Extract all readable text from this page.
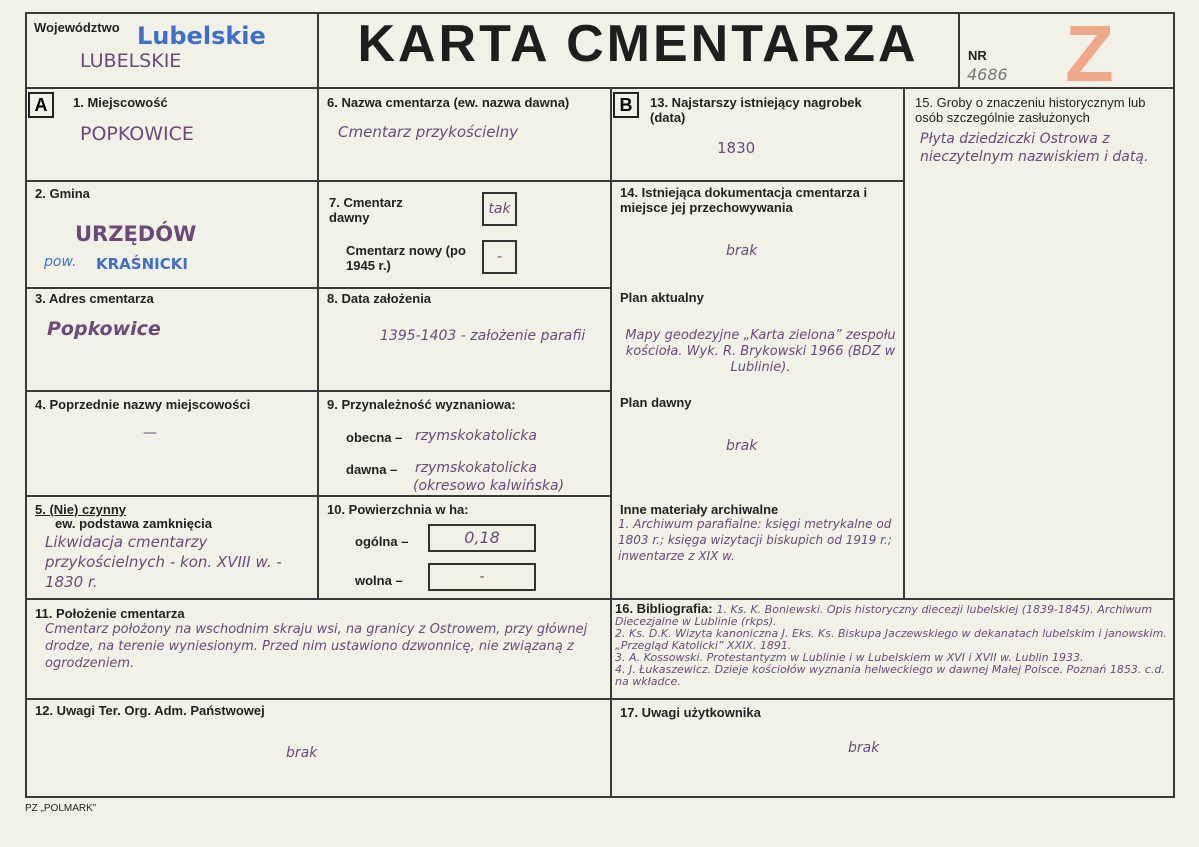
Województwo Lubelskie
LUBELSKIE	KARTA CMENTARZA	NR
4686 Z
A	B
1. Miejscowość
POPKOWICE
2. Gmina
URZĘDÓW
pow. KRAŚNICKI
3. Adres cmentarza
Popkowice
4. Poprzednie nazwy miejscowości
—
5. (Nie) czynny
ew. podstawa zamknięcia
Likwidacja cmentarzy przykościelnych - kon. XVIII w. - 1830 r.
6. Nazwa cmentarza (ew. nazwa dawna)
Cmentarz przykościelny
7. Cmentarz dawny
tak
Cmentarz nowy (po 1945 r.)
-
8. Data założenia
1395-1403 - założenie parafii
9. Przynależność wyznaniowa:
obecna – rzymskokatolicka
dawna – rzymskokatolicka
(okresowo kalwińska)
10. Powierzchnia w ha:
ogólna –	0,18
wolna –	-
13. Najstarszy istniejący nagrobek (data)
1830
14. Istniejąca dokumentacja cmentarza i miejsce jej przechowywania
brak
Plan aktualny
Mapy geodezyjne „Karta zielona” zespołu kościoła. Wyk. R. Brykowski 1966 (BDZ w Lublinie).
Plan dawny
brak
Inne materiały archiwalne
1. Archiwum parafialne: księgi metrykalne od 1803 r.; księga wizytacji biskupich od 1919 r.; inwentarze z XIX w.
15. Groby o znaczeniu historycznym lub osób szczególnie zasłużonych
Płyta dziedziczki Ostrowa z nieczytelnym nazwiskiem i datą.
11. Położenie cmentarza
Cmentarz położony na wschodnim skraju wsi, na granicy z Ostrowem, przy głównej drodze, na terenie wyniesionym. Przed nim ustawiono dzwonnicę, nie związaną z ogrodzeniem.
16. Bibliografia: 1. Ks. K. Boniewski. Opis historyczny diecezji lubelskiej (1839-1845). Archiwum Diecezjalne w Lublinie (rkps).
2. Ks. D.K. Wizyta kanoniczna J. Eks. Ks. Biskupa Jaczewskiego w dekanatach lubelskim i janowskim. „Przegląd Katolicki” XXIX. 1891.
3. A. Kossowski. Protestantyzm w Lublinie i w Lubelskiem w XVI i XVII w. Lublin 1933.
4. J. Łukaszewicz. Dzieje kościołów wyznania helweckiego w dawnej Małej Polsce. Poznań 1853. c.d. na wkładce.
12. Uwagi Ter. Org. Adm. Państwowej
brak
17. Uwagi użytkownika
brak
PZ „POLMARK”
